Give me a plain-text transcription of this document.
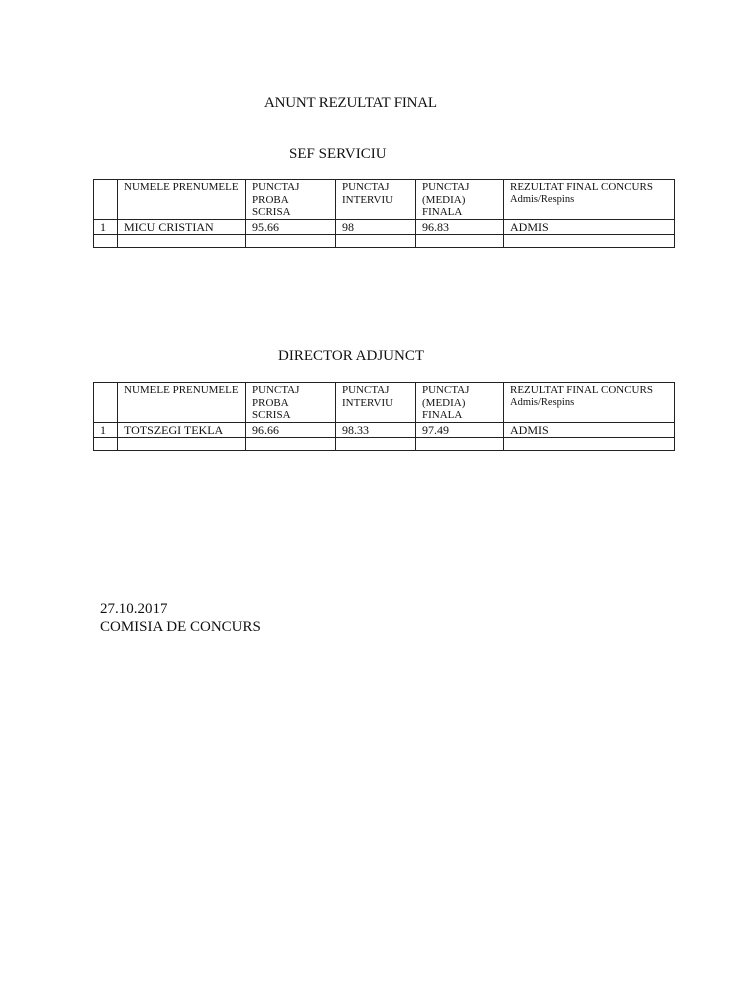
ANUNT REZULTAT FINAL
SEF SERVICIU
	NUMELE PRENUMELE	PUNCTAJ PROBA SCRISA	PUNCTAJ INTERVIU	PUNCTAJ (MEDIA) FINALA	REZULTAT FINAL CONCURS
Admis/Respins

1	MICU CRISTIAN	95.66	98	96.83	ADMIS

DIRECTOR ADJUNCT
	NUMELE PRENUMELE	PUNCTAJ PROBA SCRISA	PUNCTAJ INTERVIU	PUNCTAJ (MEDIA) FINALA	REZULTAT FINAL CONCURS
Admis/Respins

1	TOTSZEGI TEKLA	96.66	98.33	97.49	ADMIS

27.10.2017

COMISIA DE CONCURS
